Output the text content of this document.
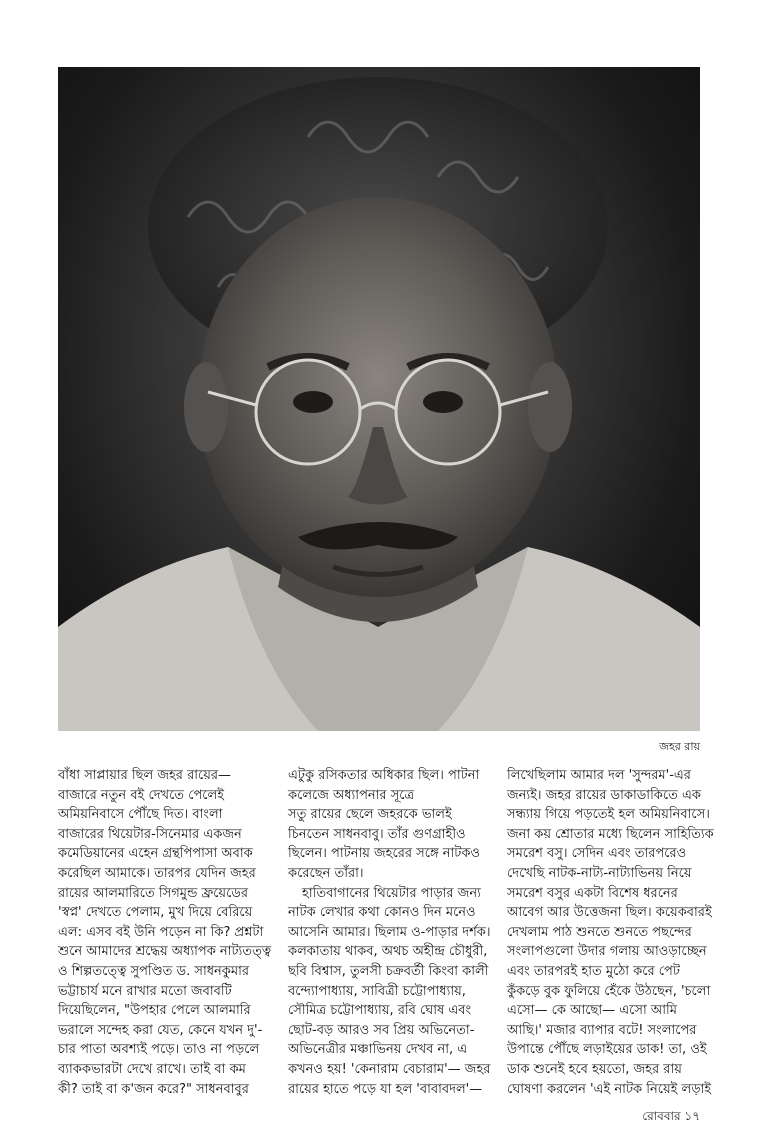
জহর রায়

বাঁধা সাপ্লায়ার ছিল জহর রায়ের—

বাজারে নতুন বই দেখতে পেলেই

অমিয়নিবাসে পৌঁছে দিত। বাংলা

বাজারের থিয়েটার-সিনেমার একজন

কমেডিয়ানের এহেন গ্রন্থপিপাসা অবাক

করেছিল আমাকে। তারপর যেদিন জহর

রায়ের আলমারিতে সিগমুন্ড ফ্রয়েডের

'স্বপ্ন' দেখতে পেলাম, মুখ দিয়ে বেরিয়ে

এল: এসব বই উনি পড়েন না কি? প্রশ্নটা

শুনে আমাদের শ্রদ্ধেয় অধ্যাপক নাট্যতত্ত্ব

ও শিল্পতত্ত্বে সুপণ্ডিত ড. সাধনকুমার

ভট্টাচার্য মনে রাখার মতো জবাবটি

দিয়েছিলেন, "উপহার পেলে আলমারি

ভরালে সন্দেহ করা যেত, কেনে যখন দু'-

চার পাতা অবশ্যই পড়ে। তাও না পড়লে

ব্যাককভারটা দেখে রাখে। তাই বা কম

কী? তাই বা ক'জন করে?" সাধনবাবুর

এটুকু রসিকতার অধিকার ছিল। পাটনা

কলেজে অধ্যাপনার সূত্রে

সতু রায়ের ছেলে জহরকে ভালই

চিনতেন সাধনবাবু। তাঁর গুণগ্রাহীও

ছিলেন। পাটনায় জহরের সঙ্গে নাটকও

করেছেন তাঁরা।

হাতিবাগানের থিয়েটার পাড়ার জন্য

নাটক লেখার কথা কোনও দিন মনেও

আসেনি আমার। ছিলাম ও-পাড়ার দর্শক।

কলকাতায় থাকব, অথচ অহীন্দ্র চৌধুরী,

ছবি বিশ্বাস, তুলসী চক্রবর্তী কিংবা কালী

বন্দ্যোপাধ্যায়, সাবিত্রী চট্টোপাধ্যায়,

সৌমিত্র চট্টোপাধ্যায়, রবি ঘোষ এবং

ছোট-বড় আরও সব প্রিয় অভিনেতা-

অভিনেত্রীর মঞ্চাভিনয় দেখব না, এ

কখনও হয়! 'কেনারাম বেচারাম'— জহর

রায়ের হাতে পড়ে যা হল 'বাবাবদল'—

লিখেছিলাম আমার দল 'সুন্দরম'-এর

জন্যই। জহর রায়ের ডাকাডাকিতে এক

সন্ধ্যায় গিয়ে পড়তেই হল অমিয়নিবাসে।

জনা কয় শ্রোতার মধ্যে ছিলেন সাহিত্যিক

সমরেশ বসু। সেদিন এবং তারপরেও

দেখেছি নাটক-নাট্য-নাট্যাভিনয় নিয়ে

সমরেশ বসুর একটা বিশেষ ধরনের

আবেগ আর উত্তেজনা ছিল। কয়েকবারই

দেখলাম পাঠ শুনতে শুনতে পছন্দের

সংলাপগুলো উদার গলায় আওড়াচ্ছেন

এবং তারপরই হাত মুঠো করে পেট

কুঁকড়ে বুক ফুলিয়ে হেঁকে উঠছেন, 'চলো

এসো— কে আছো— এসো আমি

আছি।' মজার ব্যাপার বটে! সংলাপের

উপান্তে পৌঁছে লড়াইয়ের ডাক! তা, ওই

ডাক শুনেই হবে হয়তো, জহর রায়

ঘোষণা করলেন 'এই নাটক নিয়েই লড়াই

রোববার ১৭
